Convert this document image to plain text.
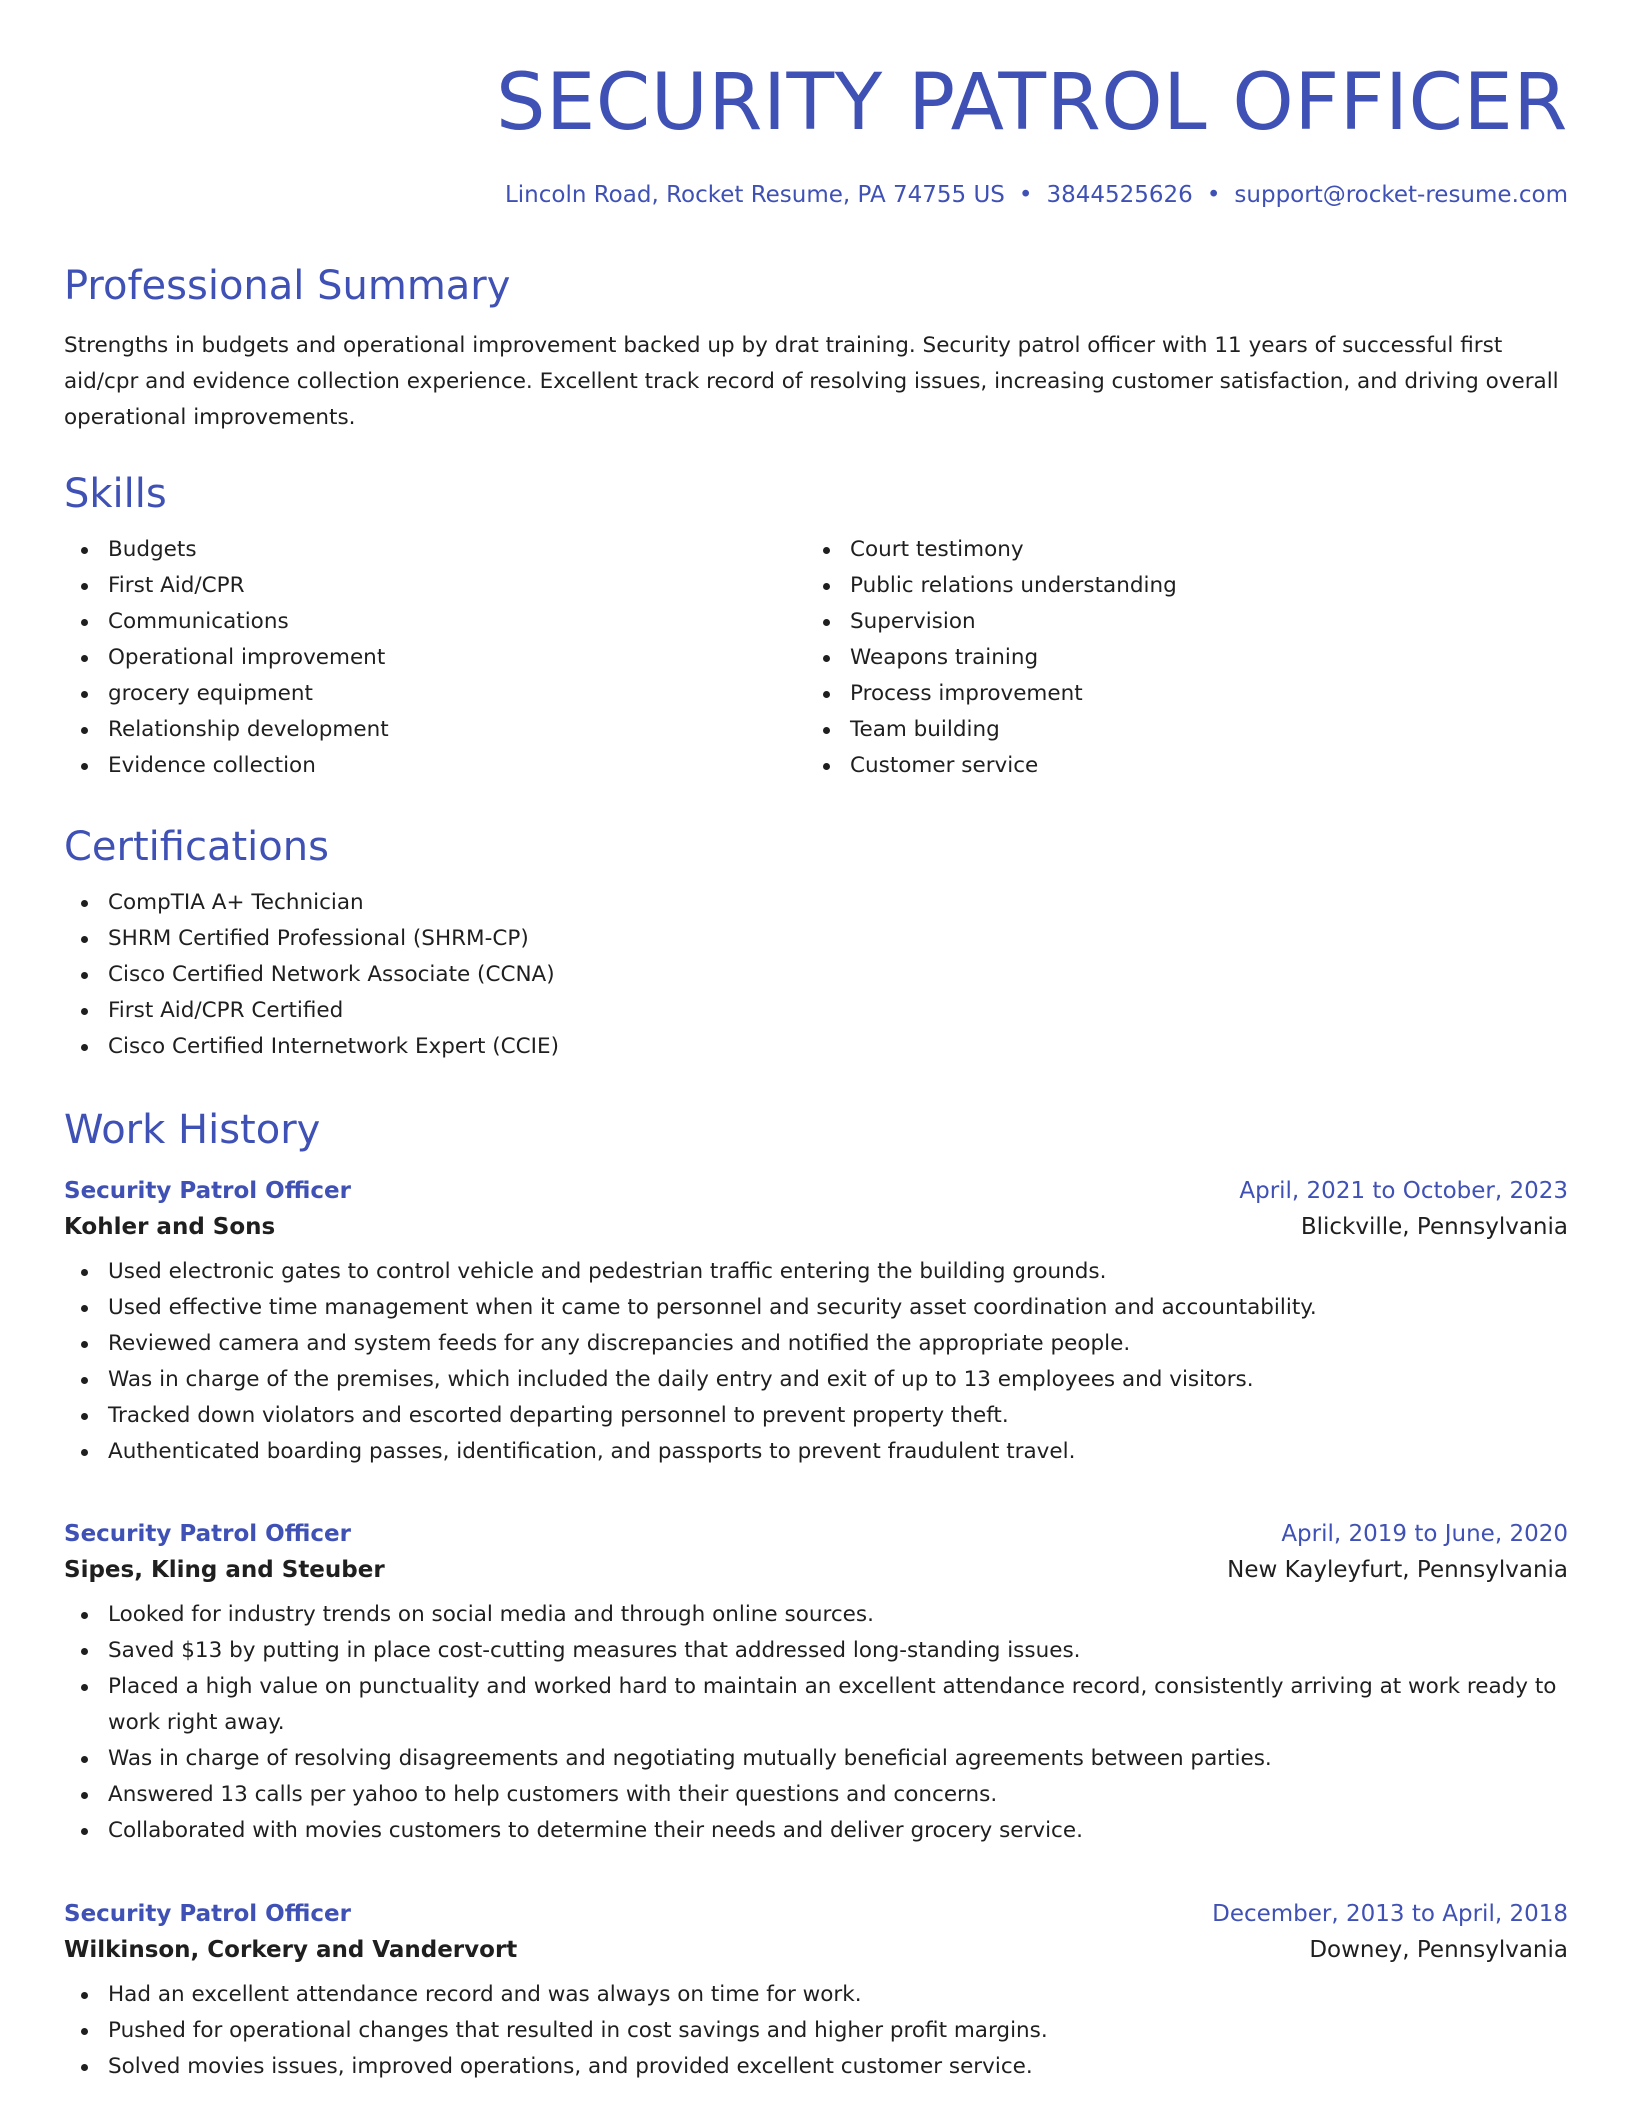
SECURITY PATROL OFFICER
Lincoln Road, Rocket Resume, PA 74755 US • 3844525626 • support@rocket-resume.com
Professional Summary

Strengths in budgets and operational improvement backed up by drat training. Security patrol officer with 11 years of successful first aid/cpr and evidence collection experience. Excellent track record of resolving issues, increasing customer satisfaction, and driving overall operational improvements.

Skills
Budgets
First Aid/CPR
Communications
Operational improvement
grocery equipment
Relationship development
Evidence collection
Court testimony
Public relations understanding
Supervision
Weapons training
Process improvement
Team building
Customer service
Certifications
CompTIA A+ Technician
SHRM Certified Professional (SHRM-CP)
Cisco Certified Network Associate (CCNA)
First Aid/CPR Certified
Cisco Certified Internetwork Expert (CCIE)
Work History
Security Patrol Officer	April, 2021 to October, 2023
Kohler and Sons	Blickville, Pennsylvania
Used electronic gates to control vehicle and pedestrian traffic entering the building grounds.
Used effective time management when it came to personnel and security asset coordination and accountability.
Reviewed camera and system feeds for any discrepancies and notified the appropriate people.
Was in charge of the premises, which included the daily entry and exit of up to 13 employees and visitors.
Tracked down violators and escorted departing personnel to prevent property theft.
Authenticated boarding passes, identification, and passports to prevent fraudulent travel.
Security Patrol Officer	April, 2019 to June, 2020
Sipes, Kling and Steuber	New Kayleyfurt, Pennsylvania
Looked for industry trends on social media and through online sources.
Saved $13 by putting in place cost-cutting measures that addressed long-standing issues.
Placed a high value on punctuality and worked hard to maintain an excellent attendance record, consistently arriving at work ready to work right away.
Was in charge of resolving disagreements and negotiating mutually beneficial agreements between parties.
Answered 13 calls per yahoo to help customers with their questions and concerns.
Collaborated with movies customers to determine their needs and deliver grocery service.
Security Patrol Officer	December, 2013 to April, 2018
Wilkinson, Corkery and Vandervort	Downey, Pennsylvania
Had an excellent attendance record and was always on time for work.
Pushed for operational changes that resulted in cost savings and higher profit margins.
Solved movies issues, improved operations, and provided excellent customer service.
